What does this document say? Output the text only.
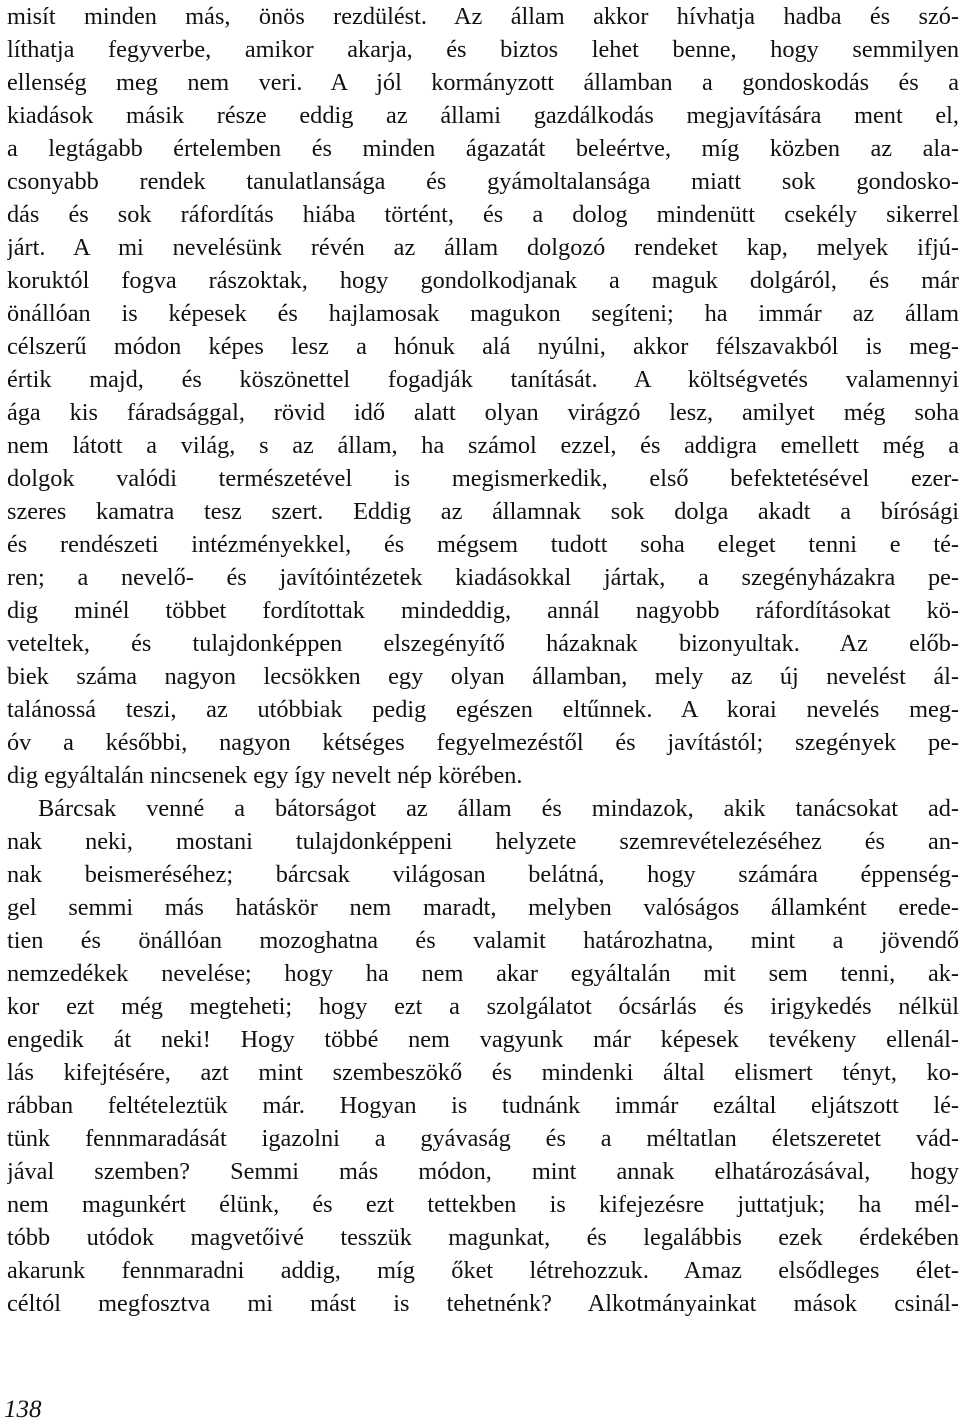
misít minden más, önös rezdülést. Az állam akkor hívhatja hadba és szó-
líthatja fegyverbe, amikor akarja, és biztos lehet benne, hogy semmilyen
ellenség meg nem veri. A jól kormányzott államban a gondoskodás és a
kiadások másik része eddig az állami gazdálkodás megjavítására ment el,
a legtágabb értelemben és minden ágazatát beleértve, míg közben az ala-
csonyabb rendek tanulatlansága és gyámoltalansága miatt sok gondosko-
dás és sok ráfordítás hiába történt, és a dolog mindenütt csekély sikerrel
járt. A mi nevelésünk révén az állam dolgozó rendeket kap, melyek ifjú-
koruktól fogva rászoktak, hogy gondolkodjanak a maguk dolgáról, és már
önállóan is képesek és hajlamosak magukon segíteni; ha immár az állam
célszerű módon képes lesz a hónuk alá nyúlni, akkor félszavakból is meg-
értik majd, és köszönettel fogadják tanítását. A költségvetés valamennyi
ága kis fáradsággal, rövid idő alatt olyan virágzó lesz, amilyet még soha
nem látott a világ, s az állam, ha számol ezzel, és addigra emellett még a
dolgok valódi természetével is megismerkedik, első befektetésével ezer-
szeres kamatra tesz szert. Eddig az államnak sok dolga akadt a bírósági
és rendészeti intézményekkel, és mégsem tudott soha eleget tenni e té-
ren; a nevelő- és javítóintézetek kiadásokkal jártak, a szegényházakra pe-
dig minél többet fordítottak mindeddig, annál nagyobb ráfordításokat kö-
veteltek, és tulajdonképpen elszegényítő házaknak bizonyultak. Az előb-
biek száma nagyon lecsökken egy olyan államban, mely az új nevelést ál-
talánossá teszi, az utóbbiak pedig egészen eltűnnek. A korai nevelés meg-
óv a későbbi, nagyon kétséges fegyelmezéstől és javítástól; szegények pe-
dig egyáltalán nincsenek egy így nevelt nép körében.
Bárcsak venné a bátorságot az állam és mindazok, akik tanácsokat ad-
nak neki, mostani tulajdonképpeni helyzete szemrevételezéséhez és an-
nak beismeréséhez; bárcsak világosan belátná, hogy számára éppenség-
gel semmi más hatáskör nem maradt, melyben valóságos államként erede-
tien és önállóan mozoghatna és valamit határozhatna, mint a jövendő
nemzedékek nevelése; hogy ha nem akar egyáltalán mit sem tenni, ak-
kor ezt még megteheti; hogy ezt a szolgálatot ócsárlás és irigykedés nélkül
engedik át neki! Hogy többé nem vagyunk már képesek tevékeny ellenál-
lás kifejtésére, azt mint szembeszökő és mindenki által elismert tényt, ko-
rábban feltételeztük már. Hogyan is tudnánk immár ezáltal eljátszott lé-
tünk fennmaradását igazolni a gyávaság és a méltatlan életszeretet vád-
jával szemben? Semmi más módon, mint annak elhatározásával, hogy
nem magunkért élünk, és ezt tettekben is kifejezésre juttatjuk; ha mél-
tóbb utódok magvetőivé tesszük magunkat, és legalábbis ezek érdekében
akarunk fennmaradni addig, míg őket létrehozzuk. Amaz elsődleges élet-
céltól megfosztva mi mást is tehetnénk? Alkotmányainkat mások csinál-
138
